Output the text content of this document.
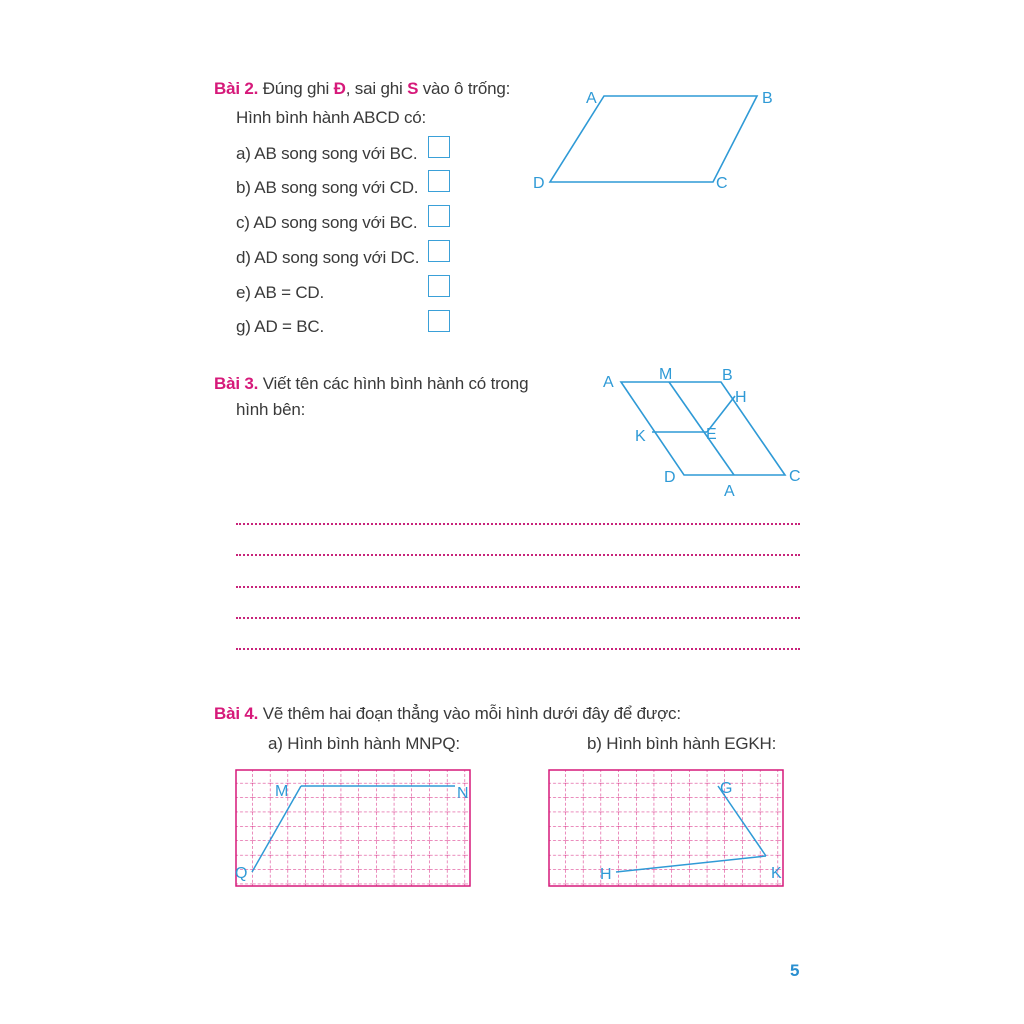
Bài 2. Đúng ghi Đ, sai ghi S vào ô trống:
Hình bình hành ABCD có:
a) AB song song với BC.
b) AB song song với CD.
c) AD song song với BC.
d) AD song song với DC.
e) AB = CD.
g) AD = BC.
A	B
C
D
Bài 3. Viết tên các hình bình hành có trong
hình bên:
A	M	B
H
K	E
D
A
C
Bài 4. Vẽ thêm hai đoạn thẳng vào mỗi hình dưới đây để được:
a) Hình bình hành MNPQ:	b) Hình bình hành EGKH:
M	N
Q
G
H	K
5
